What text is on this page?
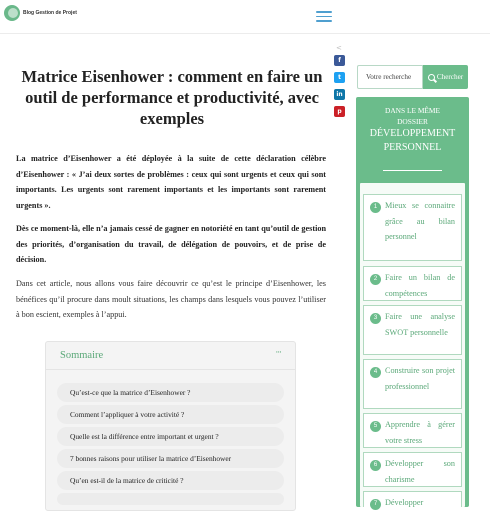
Blog Gestion de Projet
Matrice Eisenhower : comment en faire un outil de performance et productivité, avec exemples

La matrice d’Eisenhower a été déployée à la suite de cette déclaration célèbre d’Eisenhower : « J’ai deux sortes de problèmes : ceux qui sont urgents et ceux qui sont importants. Les urgents sont rarement importants et les importants sont rarement urgents ».

Dès ce moment-là, elle n’a jamais cessé de gagner en notoriété en tant qu’outil de gestion des priorités, d’organisation du travail, de délégation de pouvoirs, et de prise de décision.

Dans cet article, nous allons vous faire découvrir ce qu’est le principe d’Eisenhower, les bénéfices qu’il procure dans moult situations, les champs dans lesquels vous pouvez l’utiliser à bon escient, exemples à l’appui.

<
f
t
in
p
Sommaire	···
Qu’est-ce que la matrice d’Eisenhower ?
Comment l’appliquer à votre activité ?
Quelle est la différence entre important et urgent ?
7 bonnes raisons pour utiliser la matrice d’Eisenhower
Qu’en est-il de la matrice de criticité ?
Votre recherche
Chercher
DANS LE MÊME
DOSSIER
DÉVELOPPEMENT
PERSONNEL
1 Mieux se connaitre grâce au bilan personnel
2 Faire un bilan de compétences
3 Faire une analyse SWOT personnelle
4 Construire son projet professionnel
5 Apprendre à gérer votre stress
6 Développer son charisme
7 Développer
